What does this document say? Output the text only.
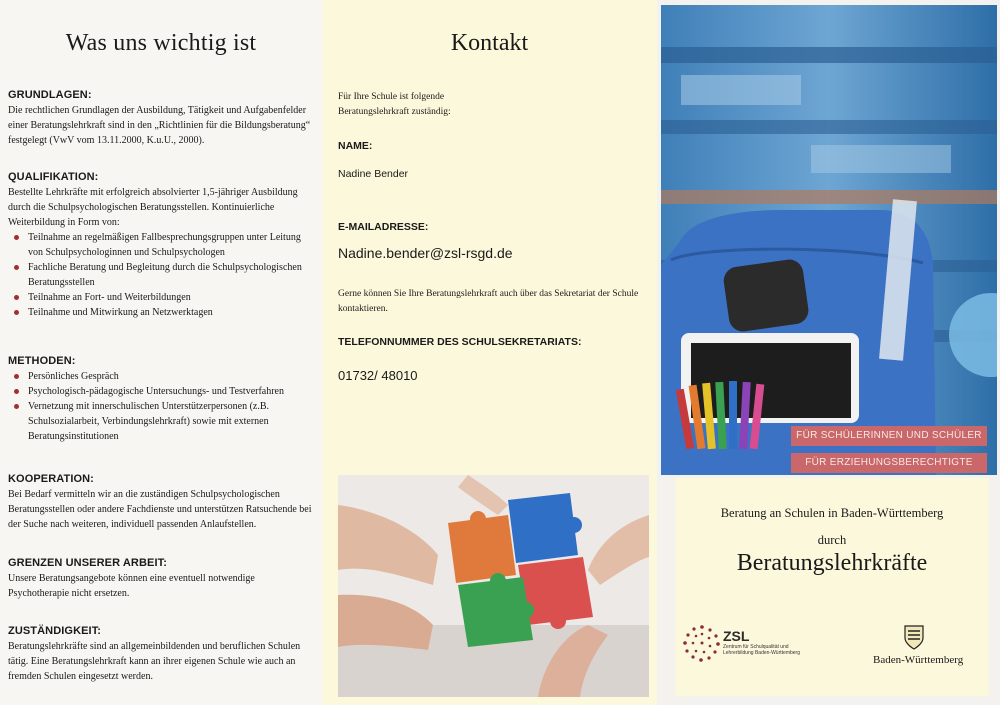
Was uns wichtig ist
GRUNDLAGEN:

Die rechtlichen Grundlagen der Ausbildung, Tätigkeit und Aufgabenfelder einer Beratungslehrkraft sind in den „Richtlinien für die Bildungsberatung“ festgelegt (VwV vom 13.11.2000, K.u.U., 2000).

QUALIFIKATION:

Bestellte Lehrkräfte mit erfolgreich absolvierter 1,5-jähriger Ausbildung durch die Schulpsychologischen Beratungsstellen. Kontinuierliche Weiterbildung in Form von:

Teilnahme an regelmäßigen Fallbesprechungsgruppen unter Leitung von Schulpsychologinnen und Schulpsychologen
Fachliche Beratung und Begleitung durch die Schulpsychologischen Beratungsstellen
Teilnahme an Fort- und Weiterbildungen
Teilnahme und Mitwirkung an Netzwerktagen
METHODEN:
Persönliches Gespräch
Psychologisch-pädagogische Untersuchungs- und Testverfahren
Vernetzung mit innerschulischen Unterstützerpersonen (z.B. Schulsozialarbeit, Verbindungslehrkraft) sowie mit externen Beratungsinstitutionen
KOOPERATION:

Bei Bedarf vermitteln wir an die zuständigen Schulpsychologischen Beratungsstellen oder andere Fachdienste und unterstützen Ratsuchende bei der Suche nach weiteren, individuell passenden Anlaufstellen.

GRENZEN UNSERER ARBEIT:

Unsere Beratungsangebote können eine eventuell notwendige Psychotherapie nicht ersetzen.

ZUSTÄNDIGKEIT:

Beratungslehrkräfte sind an allgemeinbildenden und beruflichen Schulen tätig. Eine Beratungslehrkraft kann an ihrer eigenen Schule wie auch an fremden Schulen eingesetzt werden.

Kontakt
Für Ihre Schule ist folgende Beratungslehrkraft zuständig:
NAME:
Nadine Bender
E-MAILADRESSE:
Nadine.bender@zsl-rsgd.de
Gerne können Sie Ihre Beratungslehrkraft auch über das Sekretariat der Schule kontaktieren.
TELEFONNUMMER DES SCHULSEKRETARIATS:
01732/ 48010
FÜR SCHÜLERINNEN UND SCHÜLER
FÜR ERZIEHUNGSBERECHTIGTE
Beratung an Schulen in Baden-Württemberg
durch
Beratungslehrkräfte
ZSL
Zentrum für Schulqualität und Lehrerbildung Baden-Württemberg
Baden-Württemberg
